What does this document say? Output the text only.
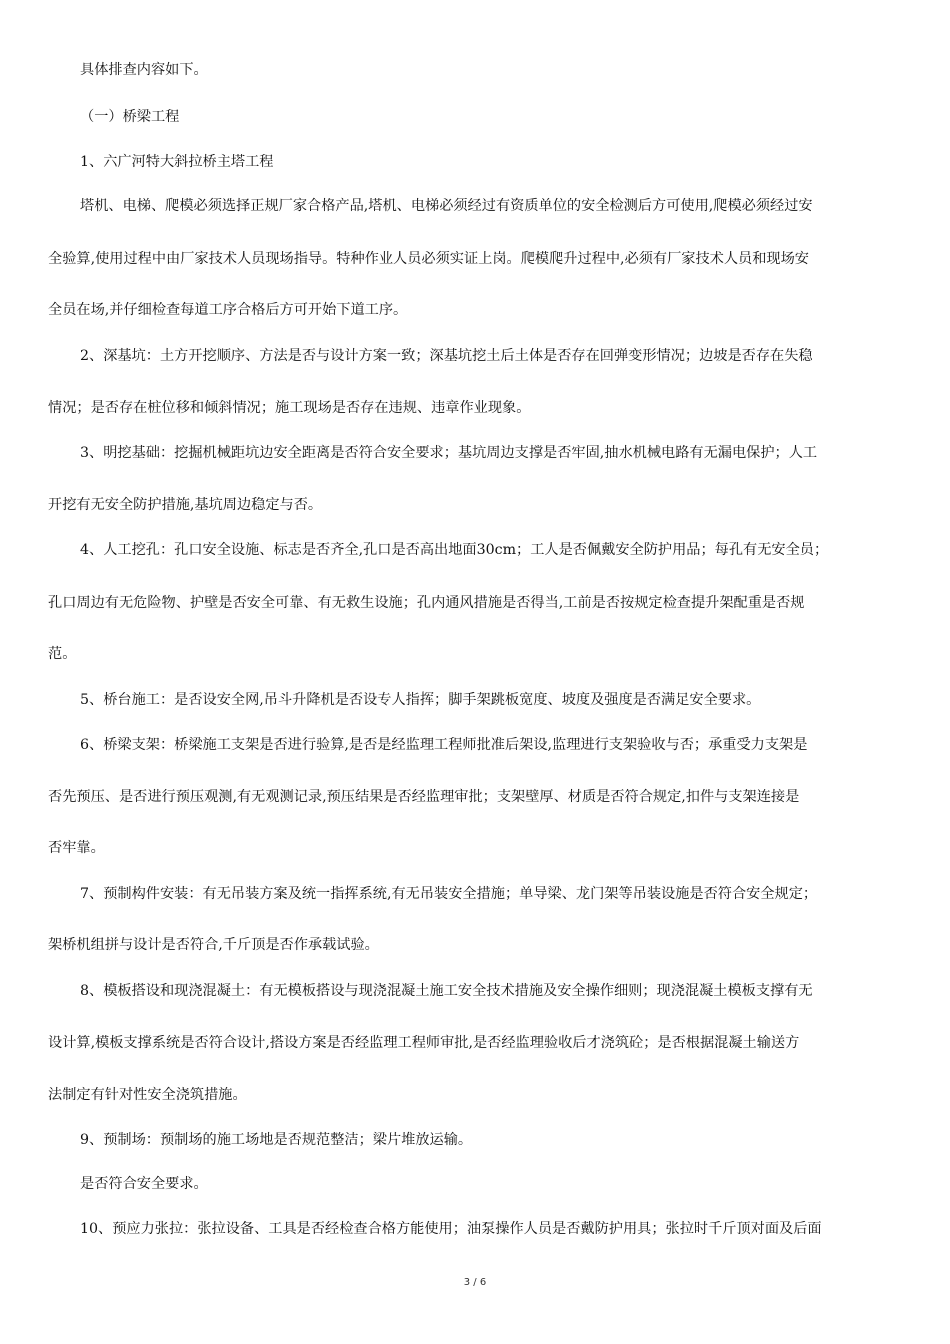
具体排查内容如下。
（一）桥梁工程
1、六广河特大斜拉桥主塔工程
塔机、电梯、爬模必须选择正规厂家合格产品,塔机、电梯必须经过有资质单位的安全检测后方可使用,爬模必须经过安
全验算,使用过程中由厂家技术人员现场指导。特种作业人员必须实证上岗。爬模爬升过程中,必须有厂家技术人员和现场安
全员在场,并仔细检查每道工序合格后方可开始下道工序。
2、深基坑：土方开挖顺序、方法是否与设计方案一致；深基坑挖土后土体是否存在回弹变形情况；边坡是否存在失稳
情况；是否存在桩位移和倾斜情况；施工现场是否存在违规、违章作业现象。
3、明挖基础：挖掘机械距坑边安全距离是否符合安全要求；基坑周边支撑是否牢固,抽水机械电路有无漏电保护；人工
开挖有无安全防护措施,基坑周边稳定与否。
4、人工挖孔：孔口安全设施、标志是否齐全,孔口是否高出地面30cm；工人是否佩戴安全防护用品；每孔有无安全员；
孔口周边有无危险物、护壁是否安全可靠、有无救生设施；孔内通风措施是否得当,工前是否按规定检查提升架配重是否规
范。
5、桥台施工：是否设安全网,吊斗升降机是否设专人指挥；脚手架跳板宽度、坡度及强度是否满足安全要求。
6、桥梁支架：桥梁施工支架是否进行验算,是否是经监理工程师批准后架设,监理进行支架验收与否；承重受力支架是
否先预压、是否进行预压观测,有无观测记录,预压结果是否经监理审批；支架壁厚、材质是否符合规定,扣件与支架连接是
否牢靠。
7、预制构件安装：有无吊装方案及统一指挥系统,有无吊装安全措施；单导梁、龙门架等吊装设施是否符合安全规定；
架桥机组拼与设计是否符合,千斤顶是否作承载试验。
8、模板搭设和现浇混凝土：有无模板搭设与现浇混凝土施工安全技术措施及安全操作细则；现浇混凝土模板支撑有无
设计算,模板支撑系统是否符合设计,搭设方案是否经监理工程师审批,是否经监理验收后才浇筑砼；是否根据混凝土输送方
法制定有针对性安全浇筑措施。
9、预制场：预制场的施工场地是否规范整洁；梁片堆放运输。
是否符合安全要求。
10、预应力张拉：张拉设备、工具是否经检查合格方能使用；油泵操作人员是否戴防护用具；张拉时千斤顶对面及后面
3 / 6
